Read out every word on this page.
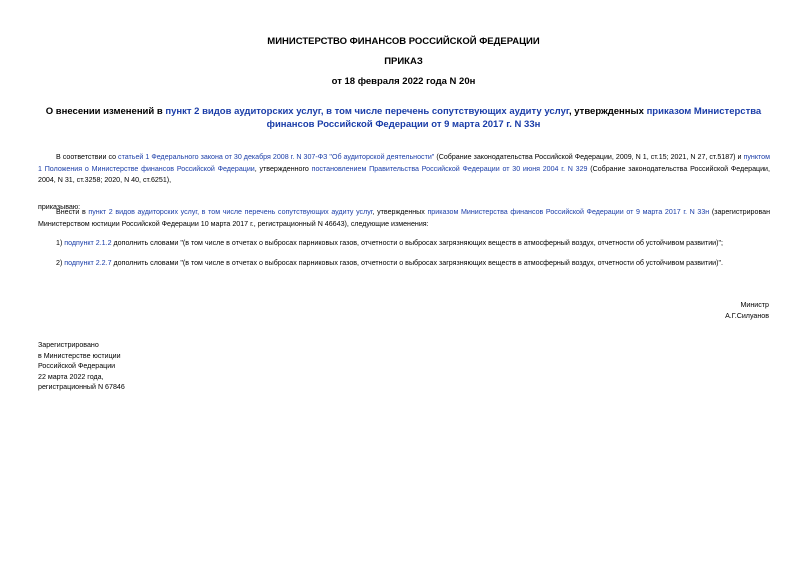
МИНИСТЕРСТВО ФИНАНСОВ РОССИЙСКОЙ ФЕДЕРАЦИИ
ПРИКАЗ
от 18 февраля 2022 года N 20н
О внесении изменений в пункт 2 видов аудиторских услуг, в том числе перечень сопутствующих аудиту услуг, утвержденных приказом Министерства финансов Российской Федерации от 9 марта 2017 г. N 33н
В соответствии со статьей 1 Федерального закона от 30 декабря 2008 г. N 307-ФЗ "Об аудиторской деятельности" (Собрание законодательства Российской Федерации, 2009, N 1, ст.15; 2021, N 27, ст.5187) и пунктом 1 Положения о Министерстве финансов Российской Федерации, утвержденного постановлением Правительства Российской Федерации от 30 июня 2004 г. N 329 (Собрание законодательства Российской Федерации, 2004, N 31, ст.3258; 2020, N 40, ст.6251),
приказываю:
Внести в пункт 2 видов аудиторских услуг, в том числе перечень сопутствующих аудиту услуг, утвержденных приказом Министерства финансов Российской Федерации от 9 марта 2017 г. N 33н (зарегистрирован Министерством юстиции Российской Федерации 10 марта 2017 г., регистрационный N 46643), следующие изменения:
1) подпункт 2.1.2 дополнить словами "(в том числе в отчетах о выбросах парниковых газов, отчетности о выбросах загрязняющих веществ в атмосферный воздух, отчетности об устойчивом развитии)";
2) подпункт 2.2.7 дополнить словами "(в том числе в отчетах о выбросах парниковых газов, отчетности о выбросах загрязняющих веществ в атмосферный воздух, отчетности об устойчивом развитии)".
Министр
А.Г.Силуанов
Зарегистрировано
в Министерстве юстиции
Российской Федерации
22 марта 2022 года,
регистрационный N 67846
